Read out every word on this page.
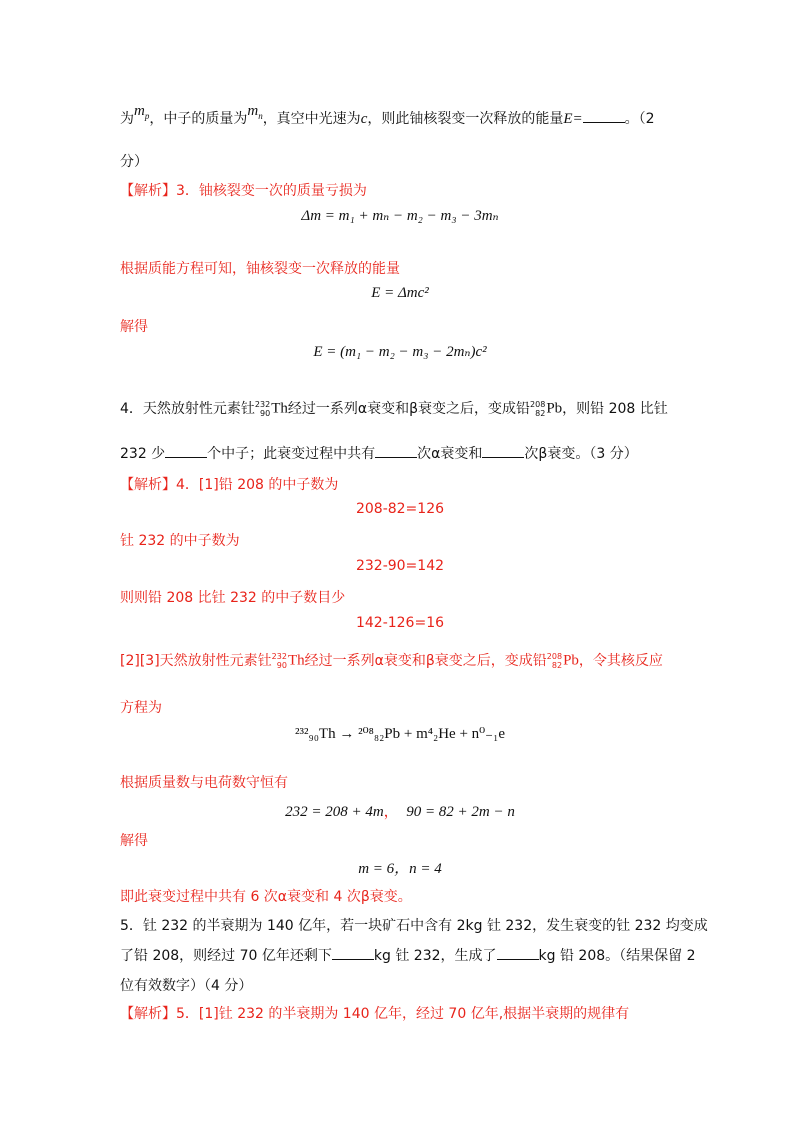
为$m_p$，中子的质量为$m_n$，真空中光速为c，则此铀核裂变一次释放的能量E=	。（2
分）
【解析】3．铀核裂变一次的质量亏损为
Δm = m₁ + mₙ − m₂ − m₃ − 3mₙ
根据质能方程可知，铀核裂变一次释放的能量
E = Δmc²
解得
E = (m₁ − m₂ − m₃ − 2mₙ)c²
4．天然放射性元素钍 232
90 Th经过一系列α衰变和β衰变之后，变成铅 208
82 Pb，则铅 208 比钍
232 少	个中子；此衰变过程中共有	次α衰变和	次β衰变。（3 分）
【解析】4．[1]铅 208 的中子数为
208-82=126
钍 232 的中子数为
232-90=142
则则铅 208 比钍 232 的中子数目少
142-126=16
[2][3]天然放射性元素钍 232
90 Th经过一系列α衰变和β衰变之后，变成铅 208
82 Pb，令其核反应
方程为
²³²₉₀Th → ²⁰⁸₈₂Pb + m⁴₂He + n⁰₋₁e
根据质量数与电荷数守恒有
232 = 208 + 4m， 90 = 82 + 2m − n
解得
m = 6，n = 4
即此衰变过程中共有 6 次α衰变和 4 次β衰变。
5．钍 232 的半衰期为 140 亿年，若一块矿石中含有 2kg 钍 232，发生衰变的钍 232 均变成
了铅 208，则经过 70 亿年还剩下	kg 钍 232，生成了	kg 铅 208。（结果保留 2
位有效数字）（4 分）
【解析】5．[1]钍 232 的半衰期为 140 亿年，经过 70 亿年,根据半衰期的规律有
